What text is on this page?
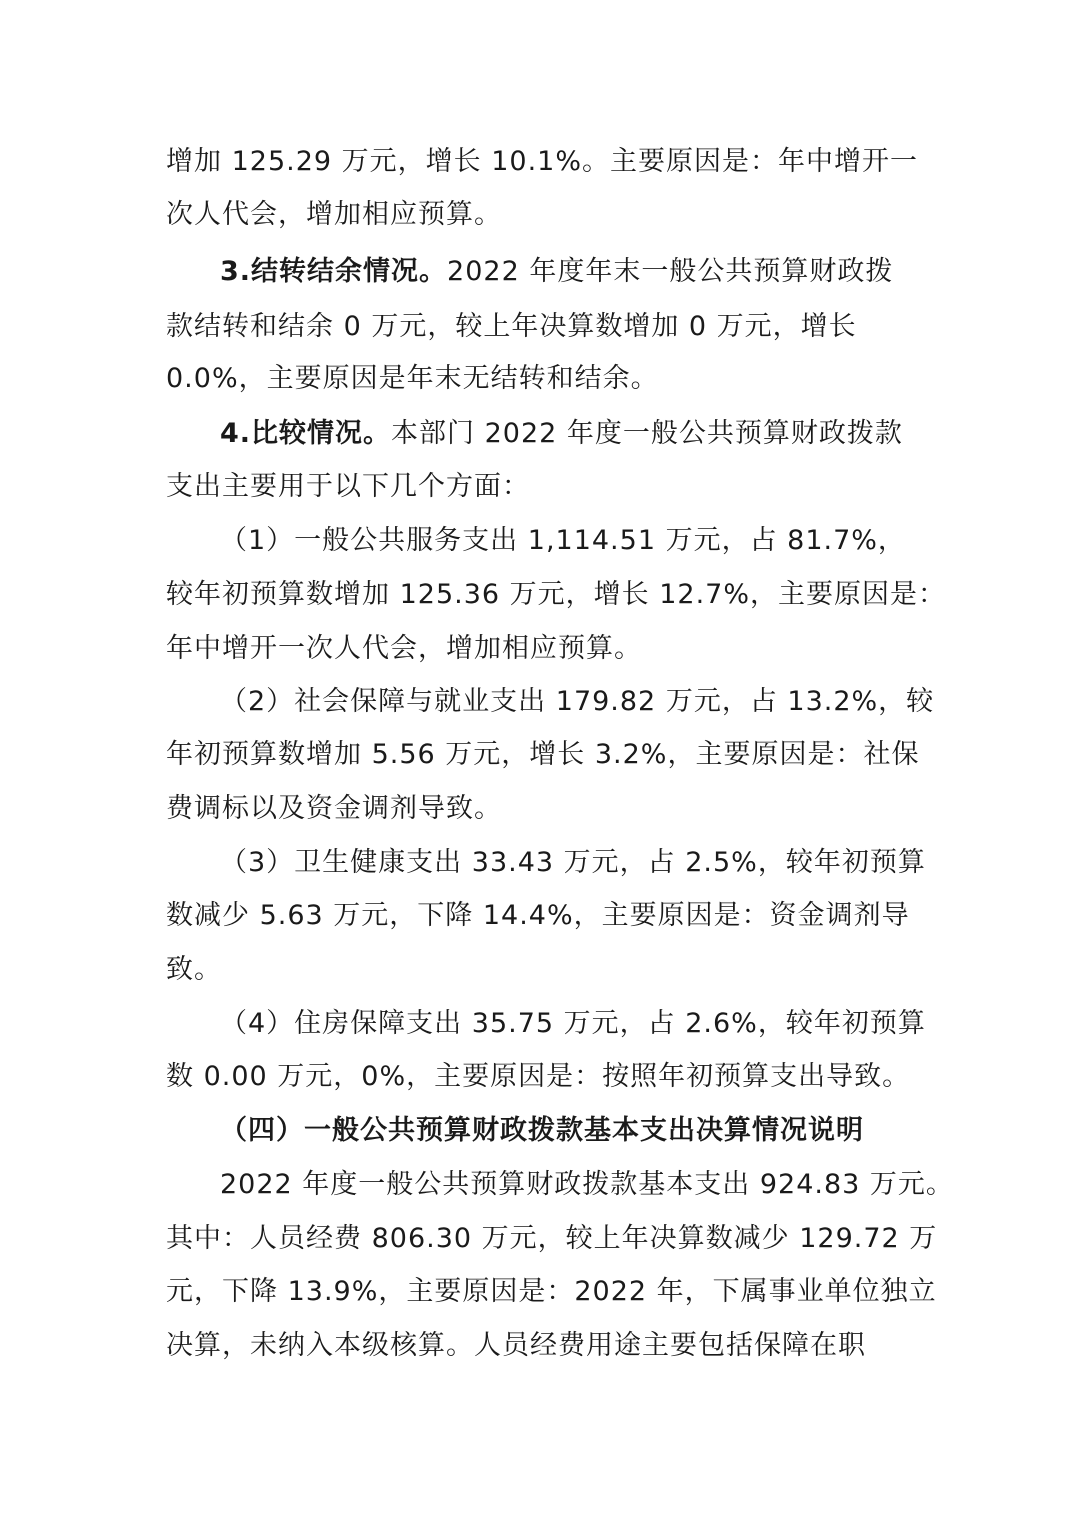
增加 125.29 万元，增长 10.1%。主要原因是：年中增开一
次人代会，增加相应预算。
3.结转结余情况。2022 年度年末一般公共预算财政拨
款结转和结余 0 万元，较上年决算数增加 0 万元，增长
0.0%，主要原因是年末无结转和结余。
4.比较情况。本部门 2022 年度一般公共预算财政拨款
支出主要用于以下几个方面：
（1）一般公共服务支出 1,114.51 万元，占 81.7%，
较年初预算数增加 125.36 万元，增长 12.7%，主要原因是：
年中增开一次人代会，增加相应预算。
（2）社会保障与就业支出 179.82 万元，占 13.2%，较
年初预算数增加 5.56 万元，增长 3.2%，主要原因是：社保
费调标以及资金调剂导致。
（3）卫生健康支出 33.43 万元，占 2.5%，较年初预算
数减少 5.63 万元，下降 14.4%，主要原因是：资金调剂导
致。
（4）住房保障支出 35.75 万元，占 2.6%，较年初预算
数 0.00 万元，0%，主要原因是：按照年初预算支出导致。
（四）一般公共预算财政拨款基本支出决算情况说明
2022 年度一般公共预算财政拨款基本支出 924.83 万元。
其中：人员经费 806.30 万元，较上年决算数减少 129.72 万
元，下降 13.9%，主要原因是：2022 年，下属事业单位独立
决算，未纳入本级核算。人员经费用途主要包括保障在职
